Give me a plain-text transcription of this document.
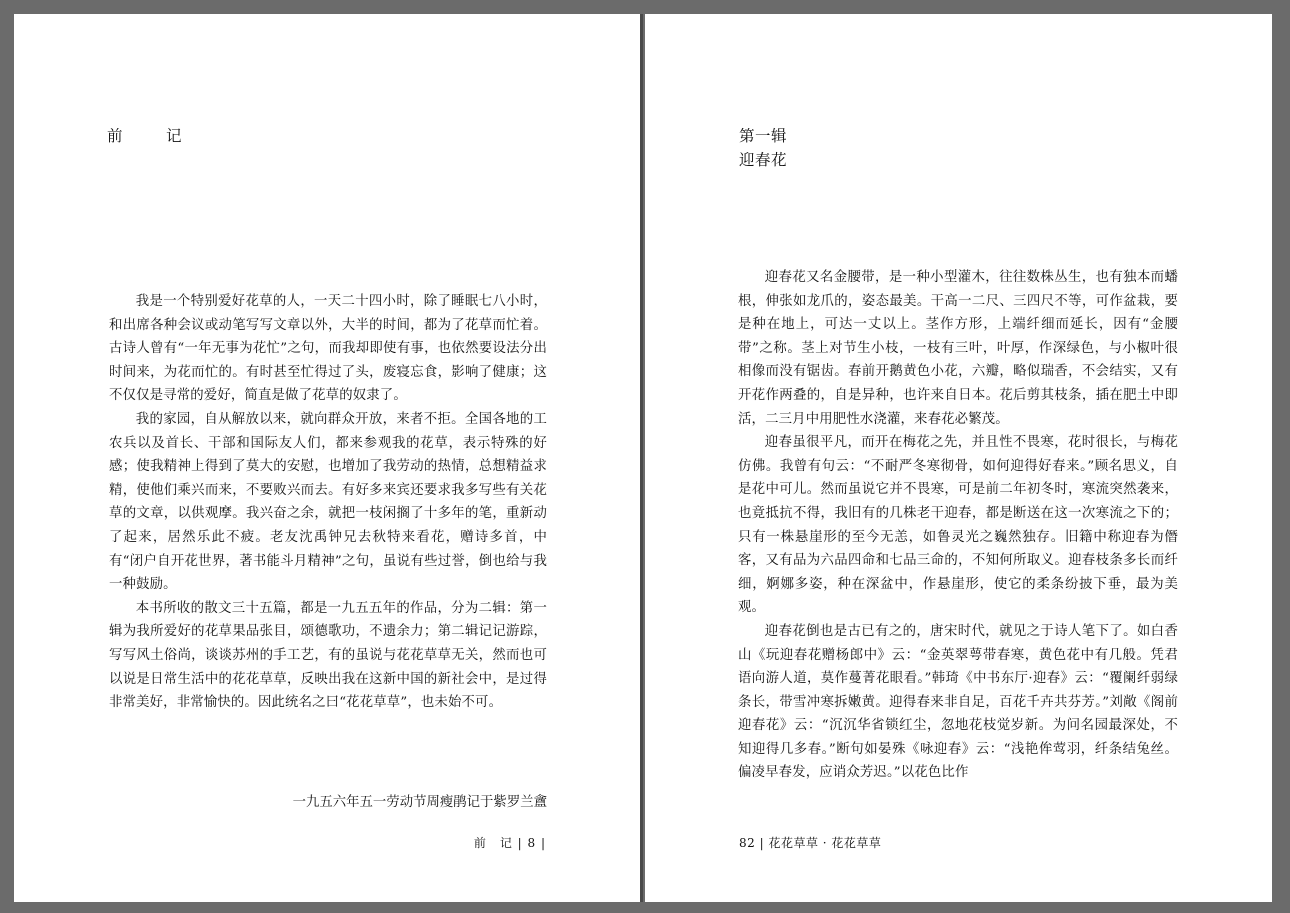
前　记

我是一个特别爱好花草的人，一天二十四小时，除了睡眠七八小时，和出席各种会议或动笔写写文章以外，大半的时间，都为了花草而忙着。古诗人曾有“一年无事为花忙”之句，而我却即使有事，也依然要设法分出时间来，为花而忙的。有时甚至忙得过了头，废寝忘食，影响了健康；这不仅仅是寻常的爱好，简直是做了花草的奴隶了。

我的家园，自从解放以来，就向群众开放，来者不拒。全国各地的工农兵以及首长、干部和国际友人们，都来参观我的花草，表示特殊的好感；使我精神上得到了莫大的安慰，也增加了我劳动的热情，总想精益求精，使他们乘兴而来，不要败兴而去。有好多来宾还要求我多写些有关花草的文章，以供观摩。我兴奋之余，就把一枝闲搁了十多年的笔，重新动了起来，居然乐此不疲。老友沈禹钟兄去秋特来看花，赠诗多首，中有“闭户自开花世界，著书能斗月精神”之句，虽说有些过誉，倒也给与我一种鼓励。

本书所收的散文三十五篇，都是一九五五年的作品，分为二辑：第一辑为我所爱好的花草果品张目，颂德歌功，不遗余力；第二辑记记游踪，写写风土俗尚，谈谈苏州的手工艺，有的虽说与花花草草无关，然而也可以说是日常生活中的花花草草，反映出我在这新中国的新社会中，是过得非常美好，非常愉快的。因此统名之曰“花花草草”，也未始不可。

一九五六年五一劳动节周瘦鹃记于紫罗兰盦
前　记 | 8 |
第一辑
迎春花

迎春花又名金腰带，是一种小型灌木，往往数株丛生，也有独本而蟠根，伸张如龙爪的，姿态最美。干高一二尺、三四尺不等，可作盆栽，要是种在地上，可达一丈以上。茎作方形，上端纤细而延长，因有“金腰带”之称。茎上对节生小枝，一枝有三叶，叶厚，作深绿色，与小椒叶很相像而没有锯齿。春前开鹅黄色小花，六瓣，略似瑞香，不会结实，又有开花作两叠的，自是异种，也许来自日本。花后剪其枝条，插在肥土中即活，二三月中用肥性水浇灌，来春花必繁茂。

迎春虽很平凡，而开在梅花之先，并且性不畏寒，花时很长，与梅花仿佛。我曾有句云：“不耐严冬寒彻骨，如何迎得好春来。”顾名思义，自是花中可儿。然而虽说它并不畏寒，可是前二年初冬时，寒流突然袭来，也竟抵抗不得，我旧有的几株老干迎春，都是断送在这一次寒流之下的；只有一株悬崖形的至今无恙，如鲁灵光之巍然独存。旧籍中称迎春为僭客，又有品为六品四命和七品三命的，不知何所取义。迎春枝条多长而纤细，婀娜多姿，种在深盆中，作悬崖形，使它的柔条纷披下垂，最为美观。

迎春花倒也是古已有之的，唐宋时代，就见之于诗人笔下了。如白香山《玩迎春花赠杨郎中》云：“金英翠萼带春寒，黄色花中有几般。凭君语向游人道，莫作蔓菁花眼看。”韩琦《中书东厅·迎春》云：“覆阑纤弱绿条长，带雪冲寒拆嫩黄。迎得春来非自足，百花千卉共芬芳。”刘敞《阁前迎春花》云：“沉沉华省锁红尘，忽地花枝觉岁新。为问名园最深处，不知迎得几多春。”断句如晏殊《咏迎春》云：“浅艳侔莺羽，纤条结兔丝。偏凌早春发，应诮众芳迟。”以花色比作

82 | 花花草草 · 花花草草
